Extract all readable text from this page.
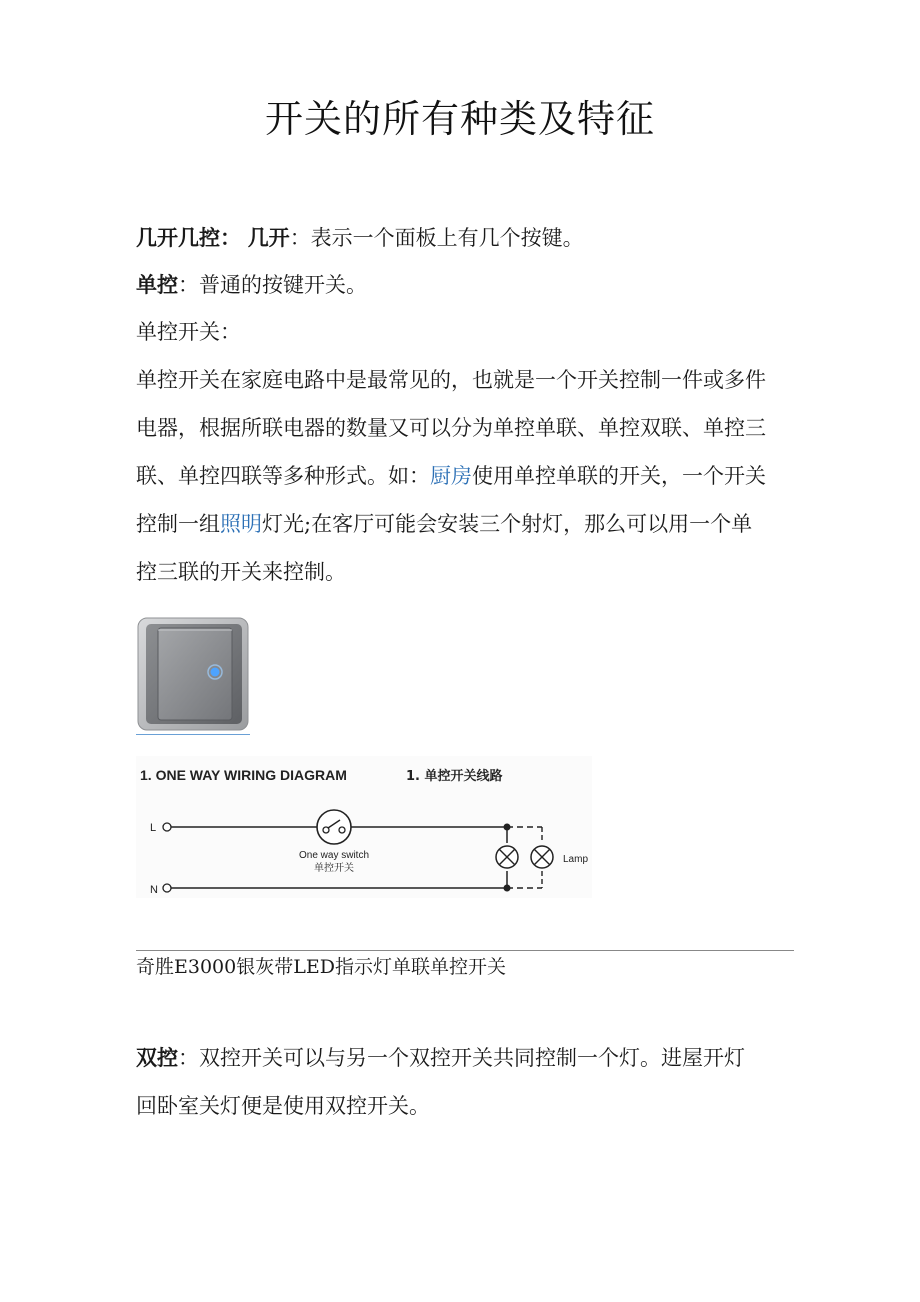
开关的所有种类及特征
几开几控： 几开：表示一个面板上有几个按键。
单控：普通的按键开关。
单控开关：
单控开关在家庭电路中是最常见的，也就是一个开关控制一件或多件
电器，根据所联电器的数量又可以分为单控单联、单控双联、单控三
联、单控四联等多种形式。如：厨房使用单控单联的开关，一个开关
控制一组照明灯光;在客厅可能会安装三个射灯，那么可以用一个单
控三联的开关来控制。
1. ONE WAY WIRING DIAGRAM	1. 单控开关线路
L
One way switch
单控开关
N
Lamp
奇胜E3000银灰带LED指示灯单联单控开关
双控：双控开关可以与另一个双控开关共同控制一个灯。进屋开灯
回卧室关灯便是使用双控开关。
